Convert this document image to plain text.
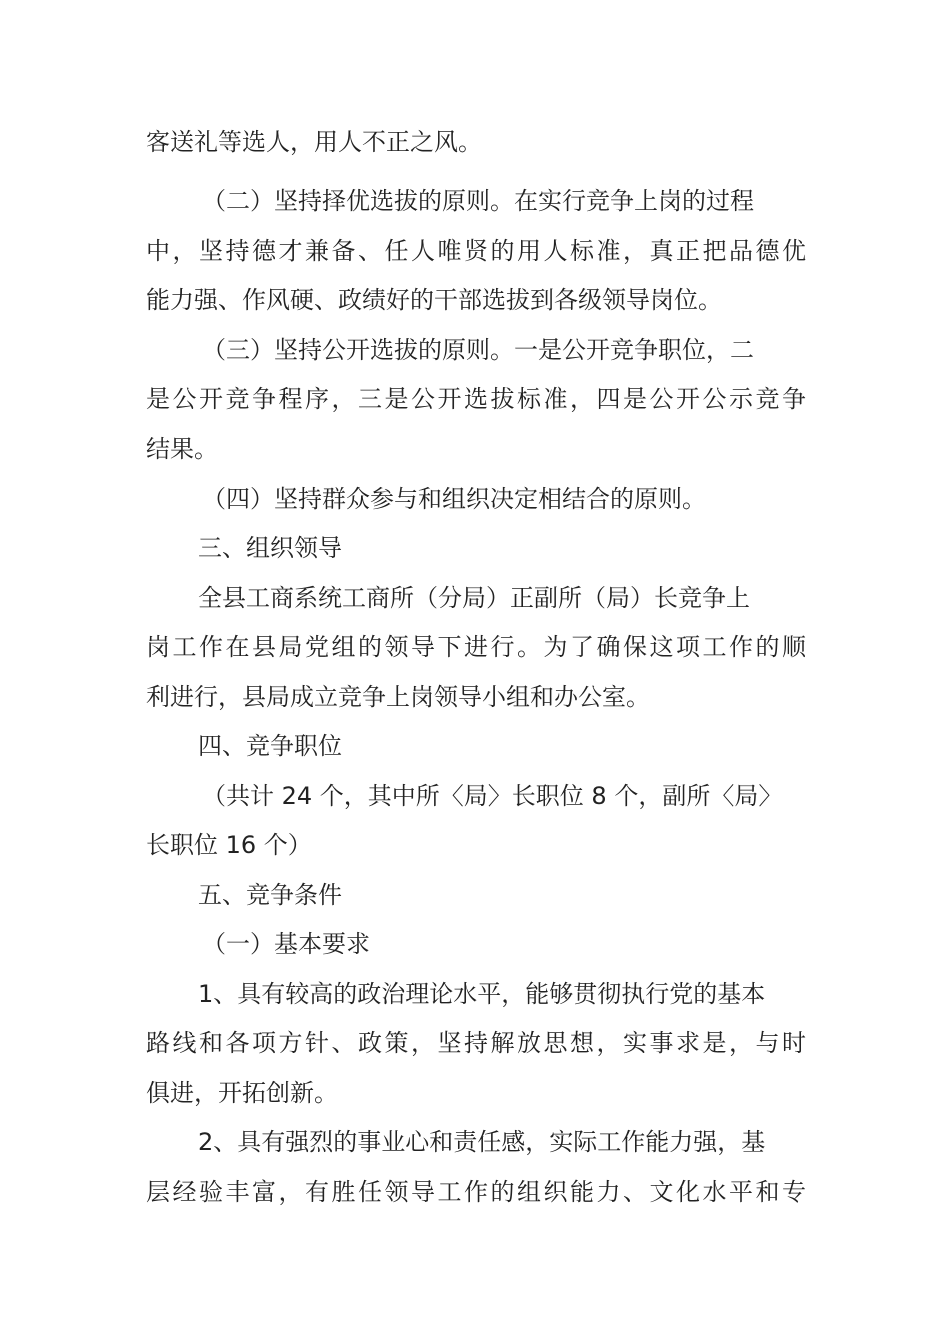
客送礼等选人，用人不正之风。
（二）坚持择优选拔的原则。在实行竞争上岗的过程
中，坚持德才兼备、任人唯贤的用人标准，真正把品德优
能力强、作风硬、政绩好的干部选拔到各级领导岗位。
（三）坚持公开选拔的原则。一是公开竞争职位，二
是公开竞争程序，三是公开选拔标准，四是公开公示竞争
结果。
（四）坚持群众参与和组织决定相结合的原则。
三、组织领导
全县工商系统工商所（分局）正副所（局）长竞争上
岗工作在县局党组的领导下进行。为了确保这项工作的顺
利进行，县局成立竞争上岗领导小组和办公室。
四、竞争职位
（共计 24 个，其中所〈局〉长职位 8 个，副所〈局〉
长职位 16 个）
五、竞争条件
（一）基本要求
1、具有较高的政治理论水平，能够贯彻执行党的基本
路线和各项方针、政策，坚持解放思想，实事求是，与时
俱进，开拓创新。
2、具有强烈的事业心和责任感，实际工作能力强，基
层经验丰富，有胜任领导工作的组织能力、文化水平和专
